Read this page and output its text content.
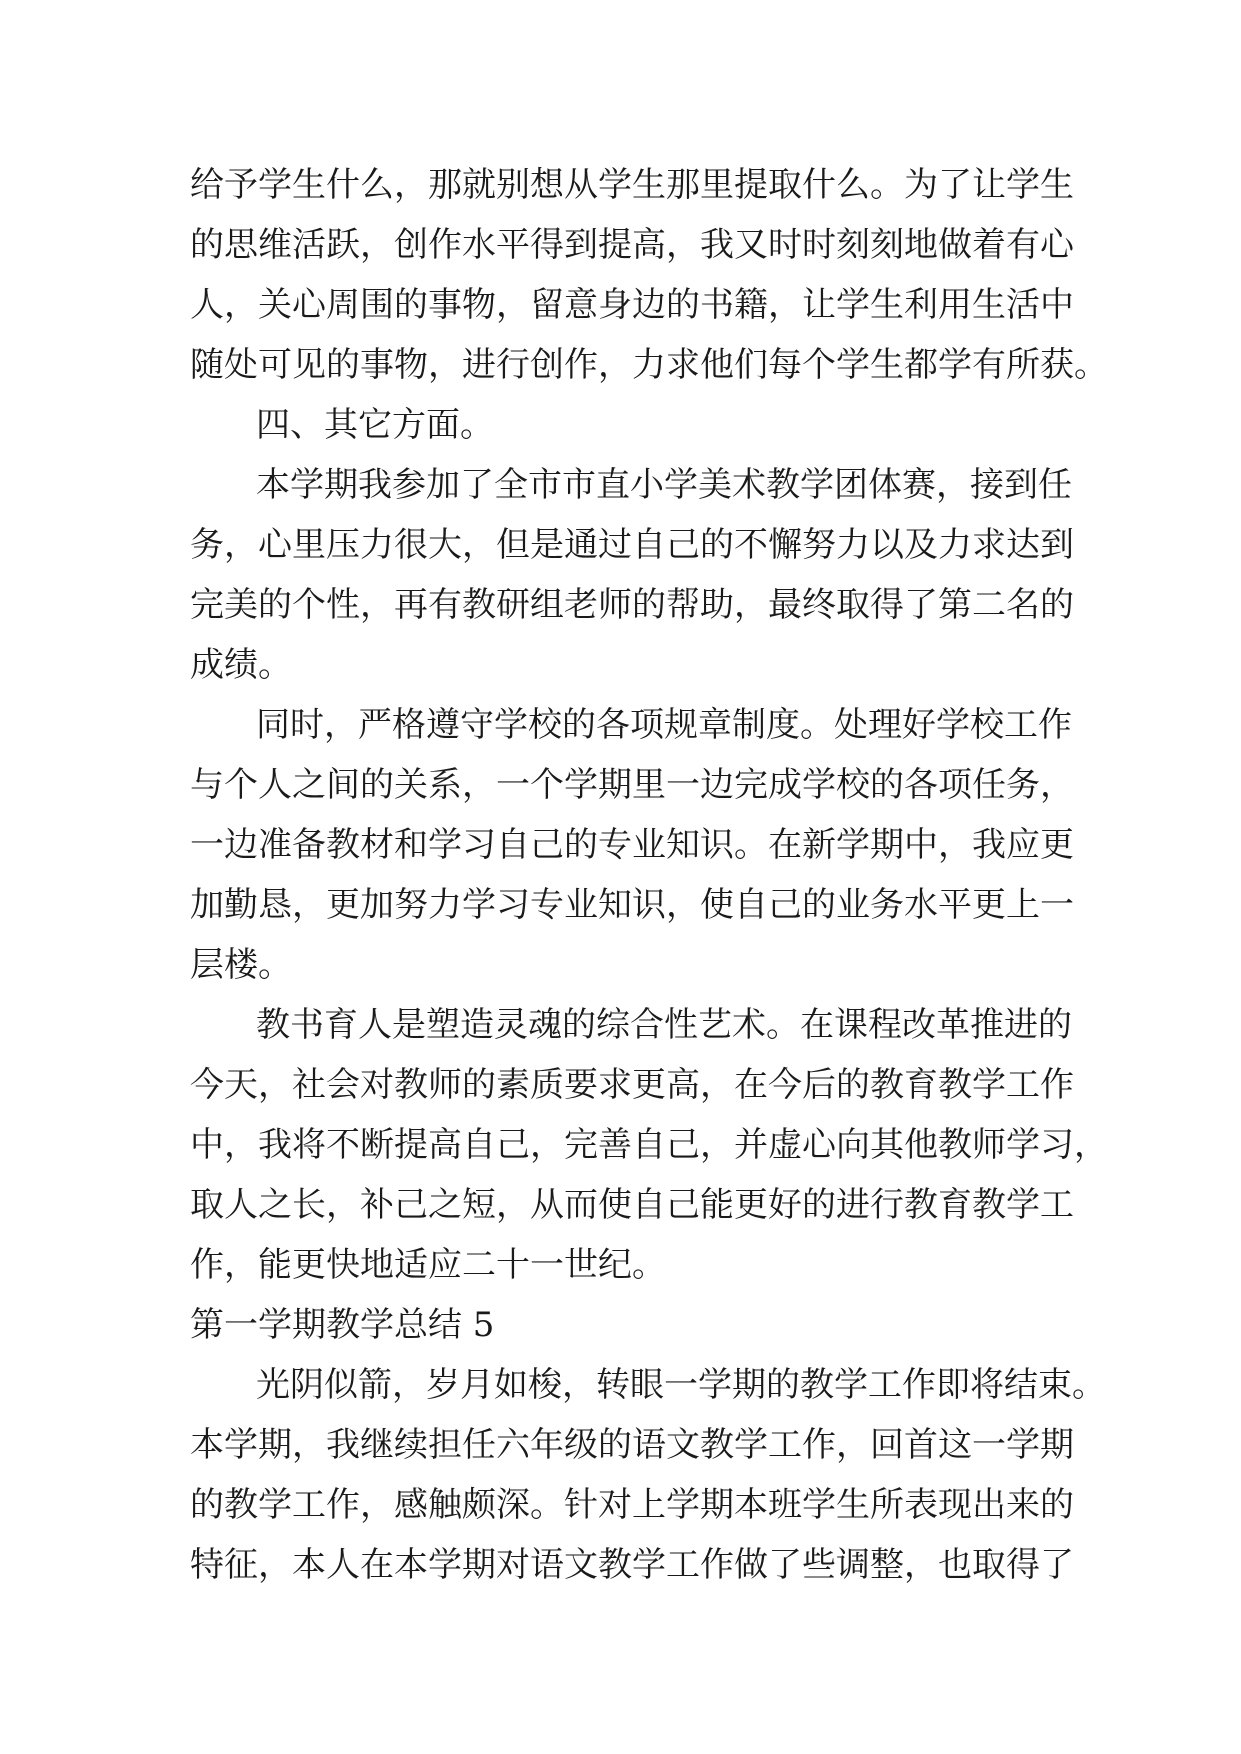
给予学生什么，那就别想从学生那里提取什么。为了让学生
的思维活跃，创作水平得到提高，我又时时刻刻地做着有心
人，关心周围的事物，留意身边的书籍，让学生利用生活中
随处可见的事物，进行创作，力求他们每个学生都学有所获。
四、其它方面。
本学期我参加了全市市直小学美术教学团体赛，接到任
务，心里压力很大，但是通过自己的不懈努力以及力求达到
完美的个性，再有教研组老师的帮助，最终取得了第二名的
成绩。
同时，严格遵守学校的各项规章制度。处理好学校工作
与个人之间的关系，一个学期里一边完成学校的各项任务，
一边准备教材和学习自己的专业知识。在新学期中，我应更
加勤恳，更加努力学习专业知识，使自己的业务水平更上一
层楼。
教书育人是塑造灵魂的综合性艺术。在课程改革推进的
今天，社会对教师的素质要求更高，在今后的教育教学工作
中，我将不断提高自己，完善自己，并虚心向其他教师学习，
取人之长，补己之短，从而使自己能更好的进行教育教学工
作，能更快地适应二十一世纪。
第一学期教学总结 5
光阴似箭，岁月如梭，转眼一学期的教学工作即将结束。
本学期，我继续担任六年级的语文教学工作，回首这一学期
的教学工作，感触颇深。针对上学期本班学生所表现出来的
特征，本人在本学期对语文教学工作做了些调整，也取得了
